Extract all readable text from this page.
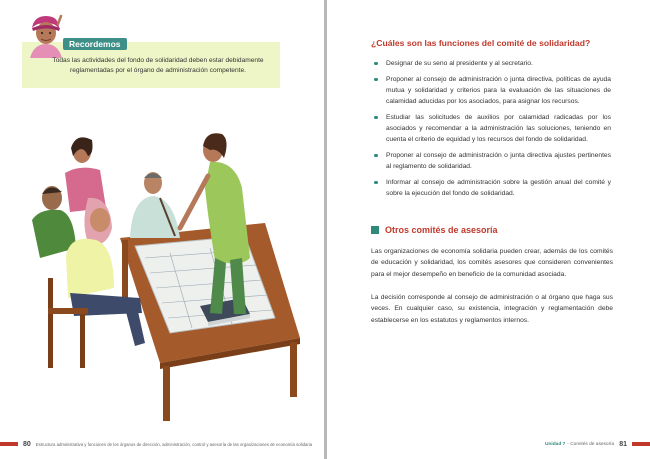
Recordemos
Todas las actividades del fondo de solidaridad deben estar debidamente reglamentadas por el órgano de administración competente.
80 Estructura administrativa y funciones de los órganos de dirección, administración, control y asesoría de las organizaciones de economía solidaria
¿Cuáles son las funciones del comité de solidaridad?
Designar de su seno al presidente y al secretario.
Proponer al consejo de administración o junta directiva, políticas de ayuda mutua y solidaridad y criterios para la evaluación de las situaciones de calamidad aducidas por los asociados, para asignar los recursos.
Estudiar las solicitudes de auxilios por calamidad radicadas por los asociados y recomendar a la administración las soluciones, teniendo en cuenta el criterio de equidad y los recursos del fondo de solidaridad.
Proponer al consejo de administración o junta directiva ajustes pertinentes al reglamento de solidaridad.
Informar al consejo de administración sobre la gestión anual del comité y sobre la ejecución del fondo de solidaridad.
Otros comités de asesoría

Las organizaciones de economía solidaria pueden crear, además de los comités de educación y solidaridad, los comités asesores que consideren convenientes para el mejor desempeño en beneficio de la comunidad asociada.

La decisión corresponde al consejo de administración o al órgano que haga sus veces. En cualquier caso, su existencia, integración y reglamentación debe establecerse en los estatutos y reglamentos internos.

Unidad 7 - Comités de asesoría 81
